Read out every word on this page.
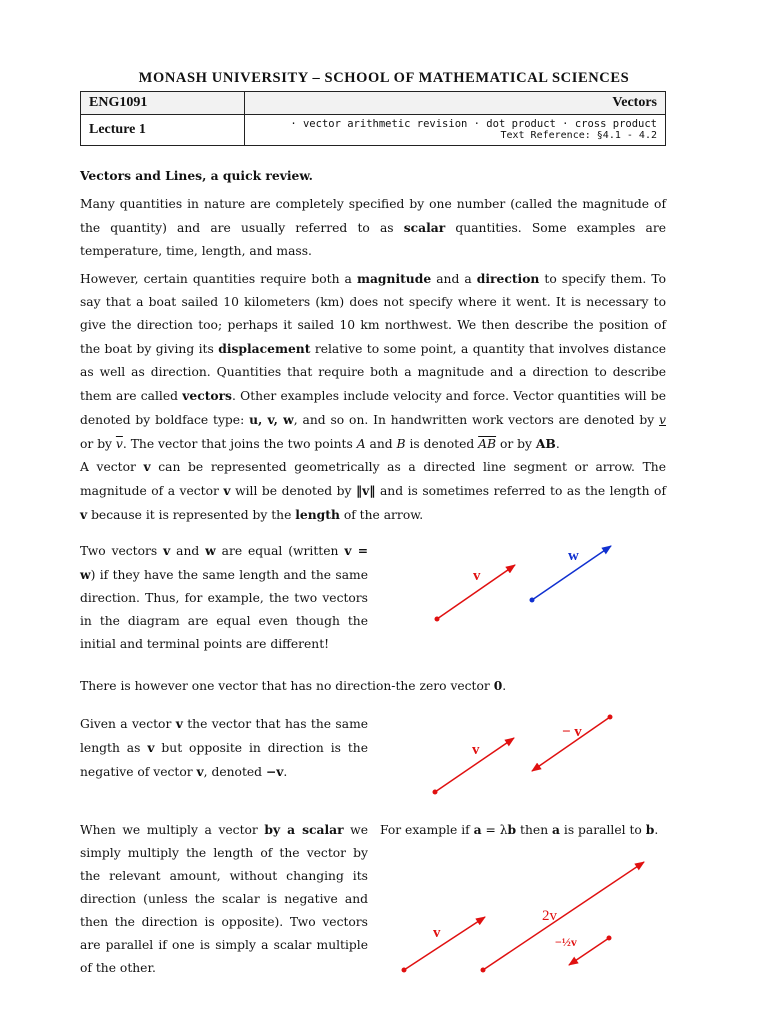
MONASH UNIVERSITY – SCHOOL OF MATHEMATICAL SCIENCES
ENG1091	Vectors
Lecture 1	· vector arithmetic revision · dot product · cross product
Text Reference: §4.1 - 4.2
Vectors and Lines, a quick review.
Many quantities in nature are completely specified by one number (called the magnitude of the quantity) and are usually referred to as scalar quantities. Some examples are temperature, time, length, and mass.
However, certain quantities require both a magnitude and a direction to specify them. To say that a boat sailed 10 kilometers (km) does not specify where it went. It is necessary to give the direction too; perhaps it sailed 10 km northwest. We then describe the position of the boat by giving its displacement relative to some point, a quantity that involves distance as well as direction. Quantities that require both a magnitude and a direction to describe them are called vectors. Other examples include velocity and force. Vector quantities will be denoted by boldface type: u, v, w, and so on. In handwritten work vectors are denoted by v or by $\overline{v}$. The vector that joins the two points A and B is denoted $\overline{AB}$ or by AB.
A vector v can be represented geometrically as a directed line segment or arrow. The magnitude of a vector v will be denoted by ‖v‖ and is sometimes referred to as the length of v because it is represented by the length of the arrow.
Two vectors v and w are equal (written v = w) if they have the same length and the same direction. Thus, for example, the two vectors in the diagram are equal even though the initial and terminal points are different!
There is however one vector that has no direction-the zero vector 0.
Given a vector v the vector that has the same length as v but opposite in direction is the negative of vector v, denoted −v.
When we multiply a vector by a scalar we simply multiply the length of the vector by the relevant amount, without changing its direction (unless the scalar is negative and then the direction is opposite). Two vectors are parallel if one is simply a scalar multiple of the other.
For example if a = λb then a is parallel to b.
v
w
v
− v
v
2v
−½v
